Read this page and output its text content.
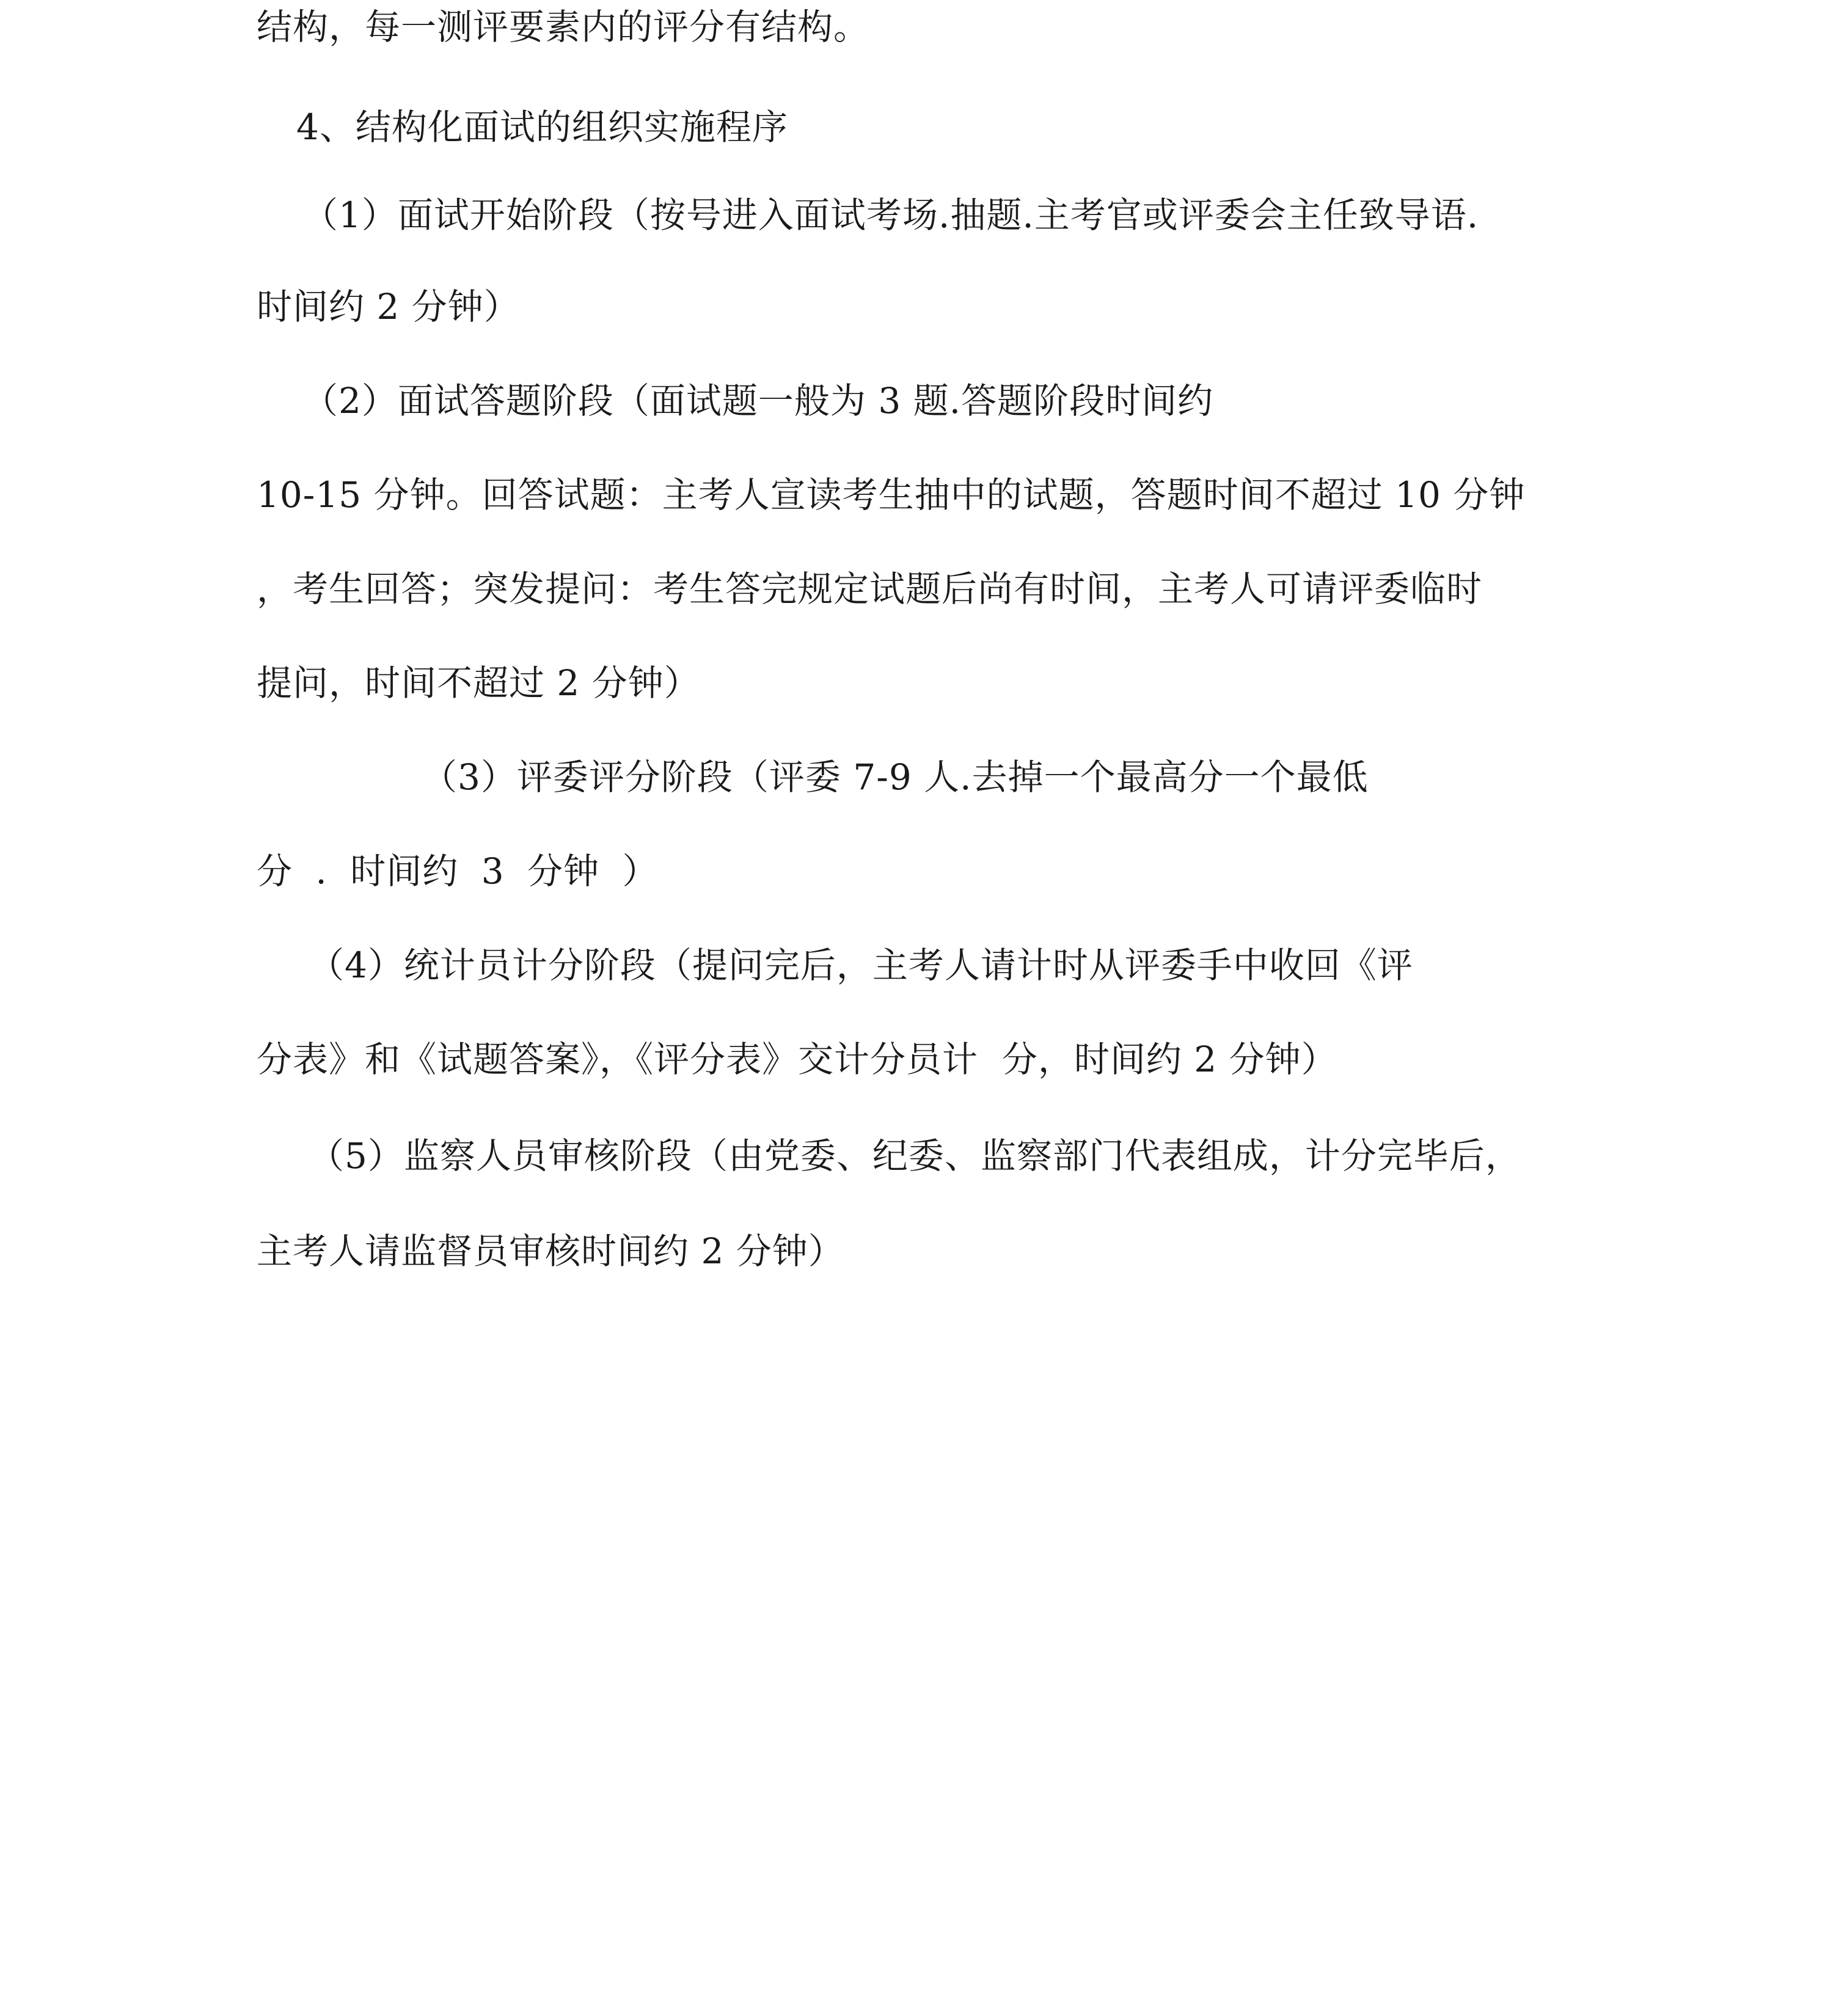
结构，每一测评要素内的评分有结构。
4、结构化面试的组织实施程序
（1）面试开始阶段（按号进入面试考场.抽题.主考官或评委会主任致导语.
时间约 2 分钟）
（2）面试答题阶段（面试题一般为 3 题.答题阶段时间约
10-15 分钟。回答试题：主考人宣读考生抽中的试题，答题时间不超过 10 分钟
，考生回答；突发提问：考生答完规定试题后尚有时间，主考人可请评委临时
提问，时间不超过 2 分钟）
（3）评委评分阶段（评委 7-9 人.去掉一个最高分一个最低
分 . 时间约 3 分钟 ）
（4）统计员计分阶段（提问完后，主考人请计时从评委手中收回《评
分表》和《试题答案》，《评分表》交计分员计  分，时间约 2 分钟）
（5）监察人员审核阶段（由党委、纪委、监察部门代表组成，计分完毕后，
主考人请监督员审核时间约 2 分钟）
